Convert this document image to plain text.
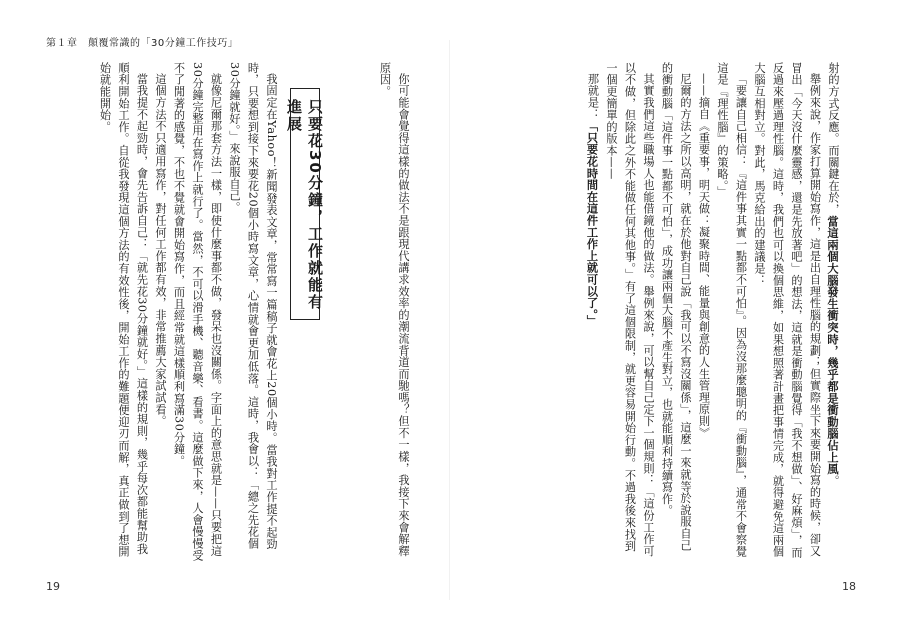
第１章　顛覆常識的「30分鐘工作技巧」

射的方式反應。而關鍵在於，當這兩個大腦發生衝突時，幾乎都是衝動腦佔上風。

舉例來說，作家打算開始寫作，這是出自理性腦的規劃；但實際坐下來要開始寫的時候，卻又冒出「今天沒什麼靈感，還是先放著吧」的想法，這就是衝動腦覺得「我不想做」、好麻煩」，而反過來壓過理性腦。這時，我們也可以換個思維，如果想照著計畫把事情完成，就得避免這兩個大腦互相對立。對此，馬克給出的建議是：

「要讓自己相信：『這件事其實一點都不可怕』。因為沒那麼聰明的『衝動腦』，通常不會察覺這是『理性腦』的策略。」

——摘自《重要事，明天做：凝聚時間、能量與創意的人生管理原則》

尼爾的方法之所以高明，就在於他對自己說「我可以不寫沒關係」，這麼一來就等於說服自己的衝動腦「這件事一點都不可怕」，成功讓兩個大腦不產生對立，也就能順利持續寫作。

其實我們這些職場人也能借鏡他的做法。舉例來說，可以幫自己定下一個規則：「這份工作可以不做，但除此之外不能做任何其他事。」有了這個限制，就更容易開始行動。不過我後來找到一個更簡單的版本——

那就是：「只要花時間在這件工作上就可以了。」

18

你可能會覺得這樣的做法不是跟現代講求效率的潮流背道而馳嗎？但不一樣，我接下來會解釋原因。

只要花30分鐘，工作就能有進展

我固定在Yahoo！新聞發表文章，常常寫一篇稿子就會花上20個小時。當我對工作提不起勁時，只要想到接下來要花20個小時寫文章，心情就會更加低落。這時，我會以：「總之先花個30分鐘就好。」來說服自己。

就像尼爾那套方法一樣，即使什麼事都不做，發呆也沒關係。字面上的意思就是——只要把這30分鐘完整用在寫作上就行了。當然，不可以滑手機、聽音樂、看書。這麼做下來，人會慢慢受不了閒著的感覺，不也不覺就會開始寫作，而且經常就這樣順利寫滿30分鐘。

這個方法不只適用寫作，對任何工作都有效，非常推薦大家試試看。

當我提不起勁時，會先告訴自己：「就先花30分鐘就好。」這樣的規則，幾乎每次都能幫助我順利開始工作。自從我發現這個方法的有效性後，開始工作的難題便迎刃而解，真正做到了想開始就能開始。

19
